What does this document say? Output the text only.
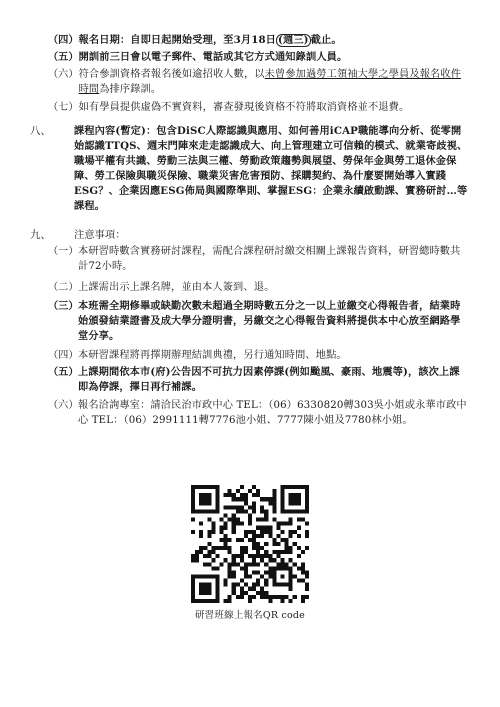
（四） 報名日期：自即日起開始受理，至3月18日 (週三) 截止。
（五） 開訓前三日會以電子郵件、電話或其它方式通知錄訓人員。
（六） 符合參訓資格者報名後如逾招收人數，以未曾參加過勞工領袖大學之學員及報名收件時間為排序錄訓。
（七） 如有學員提供虛偽不實資料，審查發現後資格不符將取消資格並不退費。
八、	課程內容(暫定)：包含DiSC人際認識與應用、如何善用iCAP職能導向分析、從零開始認識TTQS、週末門陣來走走認識成大、向上管理建立可信賴的模式、就業寄歧視、職場平權有共識、勞動三法與三權、勞動政策趨勢與展望、勞保年金與勞工退休金保障、勞工保險與職災保險、職業災害危害預防、採購契約、為什麼要開始導入實踐ESG？、企業因應ESG佈局與國際準則、掌握ESG：企業永續啟動課、實務研討…等課程。
九、	注意事項：
（一） 本研習時數含實務研討課程，需配合課程研討繳交相關上課報告資料，研習總時數共計72小時。
（二） 上課需出示上課名牌，並由本人簽到、退。
（三） 本班需全期修畢或缺勤次數未超過全期時數五分之一以上並繳交心得報告者，結業時始頒發結業證書及成大學分證明書，另繳交之心得報告資料將提供本中心放至網路學堂分享。
（四） 本研習課程將再擇期辦理結訓典禮，另行通知時間、地點。
（五） 上課期間依本市(府)公告因不可抗力因素停課(例如颱風、豪雨、地震等)，該次上課即為停課，擇日再行補課。
（六） 報名洽詢專室：請洽民治市政中心 TEL：（06）6330820轉303吳小姐或永華市政中心 TEL：（06）2991111轉7776池小姐、7777陳小姐及7780林小姐。
研習班線上報名QR code
